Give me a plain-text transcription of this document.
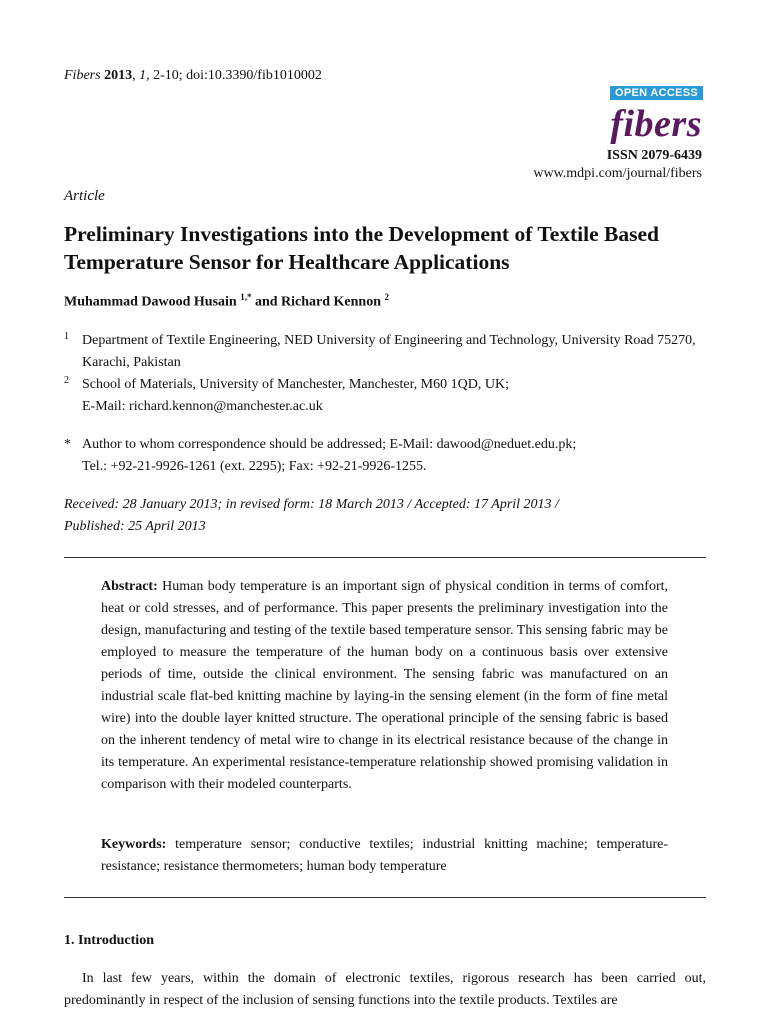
Fibers 2013, 1, 2-10; doi:10.3390/fib1010002
OPEN ACCESS
fibers
ISSN 2079-6439
www.mdpi.com/journal/fibers
Article
Preliminary Investigations into the Development of Textile Based Temperature Sensor for Healthcare Applications
Muhammad Dawood Husain $^{1,*}$ and Richard Kennon $^2$
1 Department of Textile Engineering, NED University of Engineering and Technology, University Road 75270, Karachi, Pakistan
2 School of Materials, University of Manchester, Manchester, M60 1QD, UK;
E-Mail: richard.kennon@manchester.ac.uk
* Author to whom correspondence should be addressed; E-Mail: dawood@neduet.edu.pk;
Tel.: +92-21-9926-1261 (ext. 2295); Fax: +92-21-9926-1255.
Received: 28 January 2013; in revised form: 18 March 2013 / Accepted: 17 April 2013 /
Published: 25 April 2013
Abstract: Human body temperature is an important sign of physical condition in terms of comfort, heat or cold stresses, and of performance. This paper presents the preliminary investigation into the design, manufacturing and testing of the textile based temperature sensor. This sensing fabric may be employed to measure the temperature of the human body on a continuous basis over extensive periods of time, outside the clinical environment. The sensing fabric was manufactured on an industrial scale flat-bed knitting machine by laying-in the sensing element (in the form of fine metal wire) into the double layer knitted structure. The operational principle of the sensing fabric is based on the inherent tendency of metal wire to change in its electrical resistance because of the change in its temperature. An experimental resistance-temperature relationship showed promising validation in comparison with their modeled counterparts.
Keywords: temperature sensor; conductive textiles; industrial knitting machine; temperature-resistance; resistance thermometers; human body temperature
1. Introduction
In last few years, within the domain of electronic textiles, rigorous research has been carried out, predominantly in respect of the inclusion of sensing functions into the textile products. Textiles are
